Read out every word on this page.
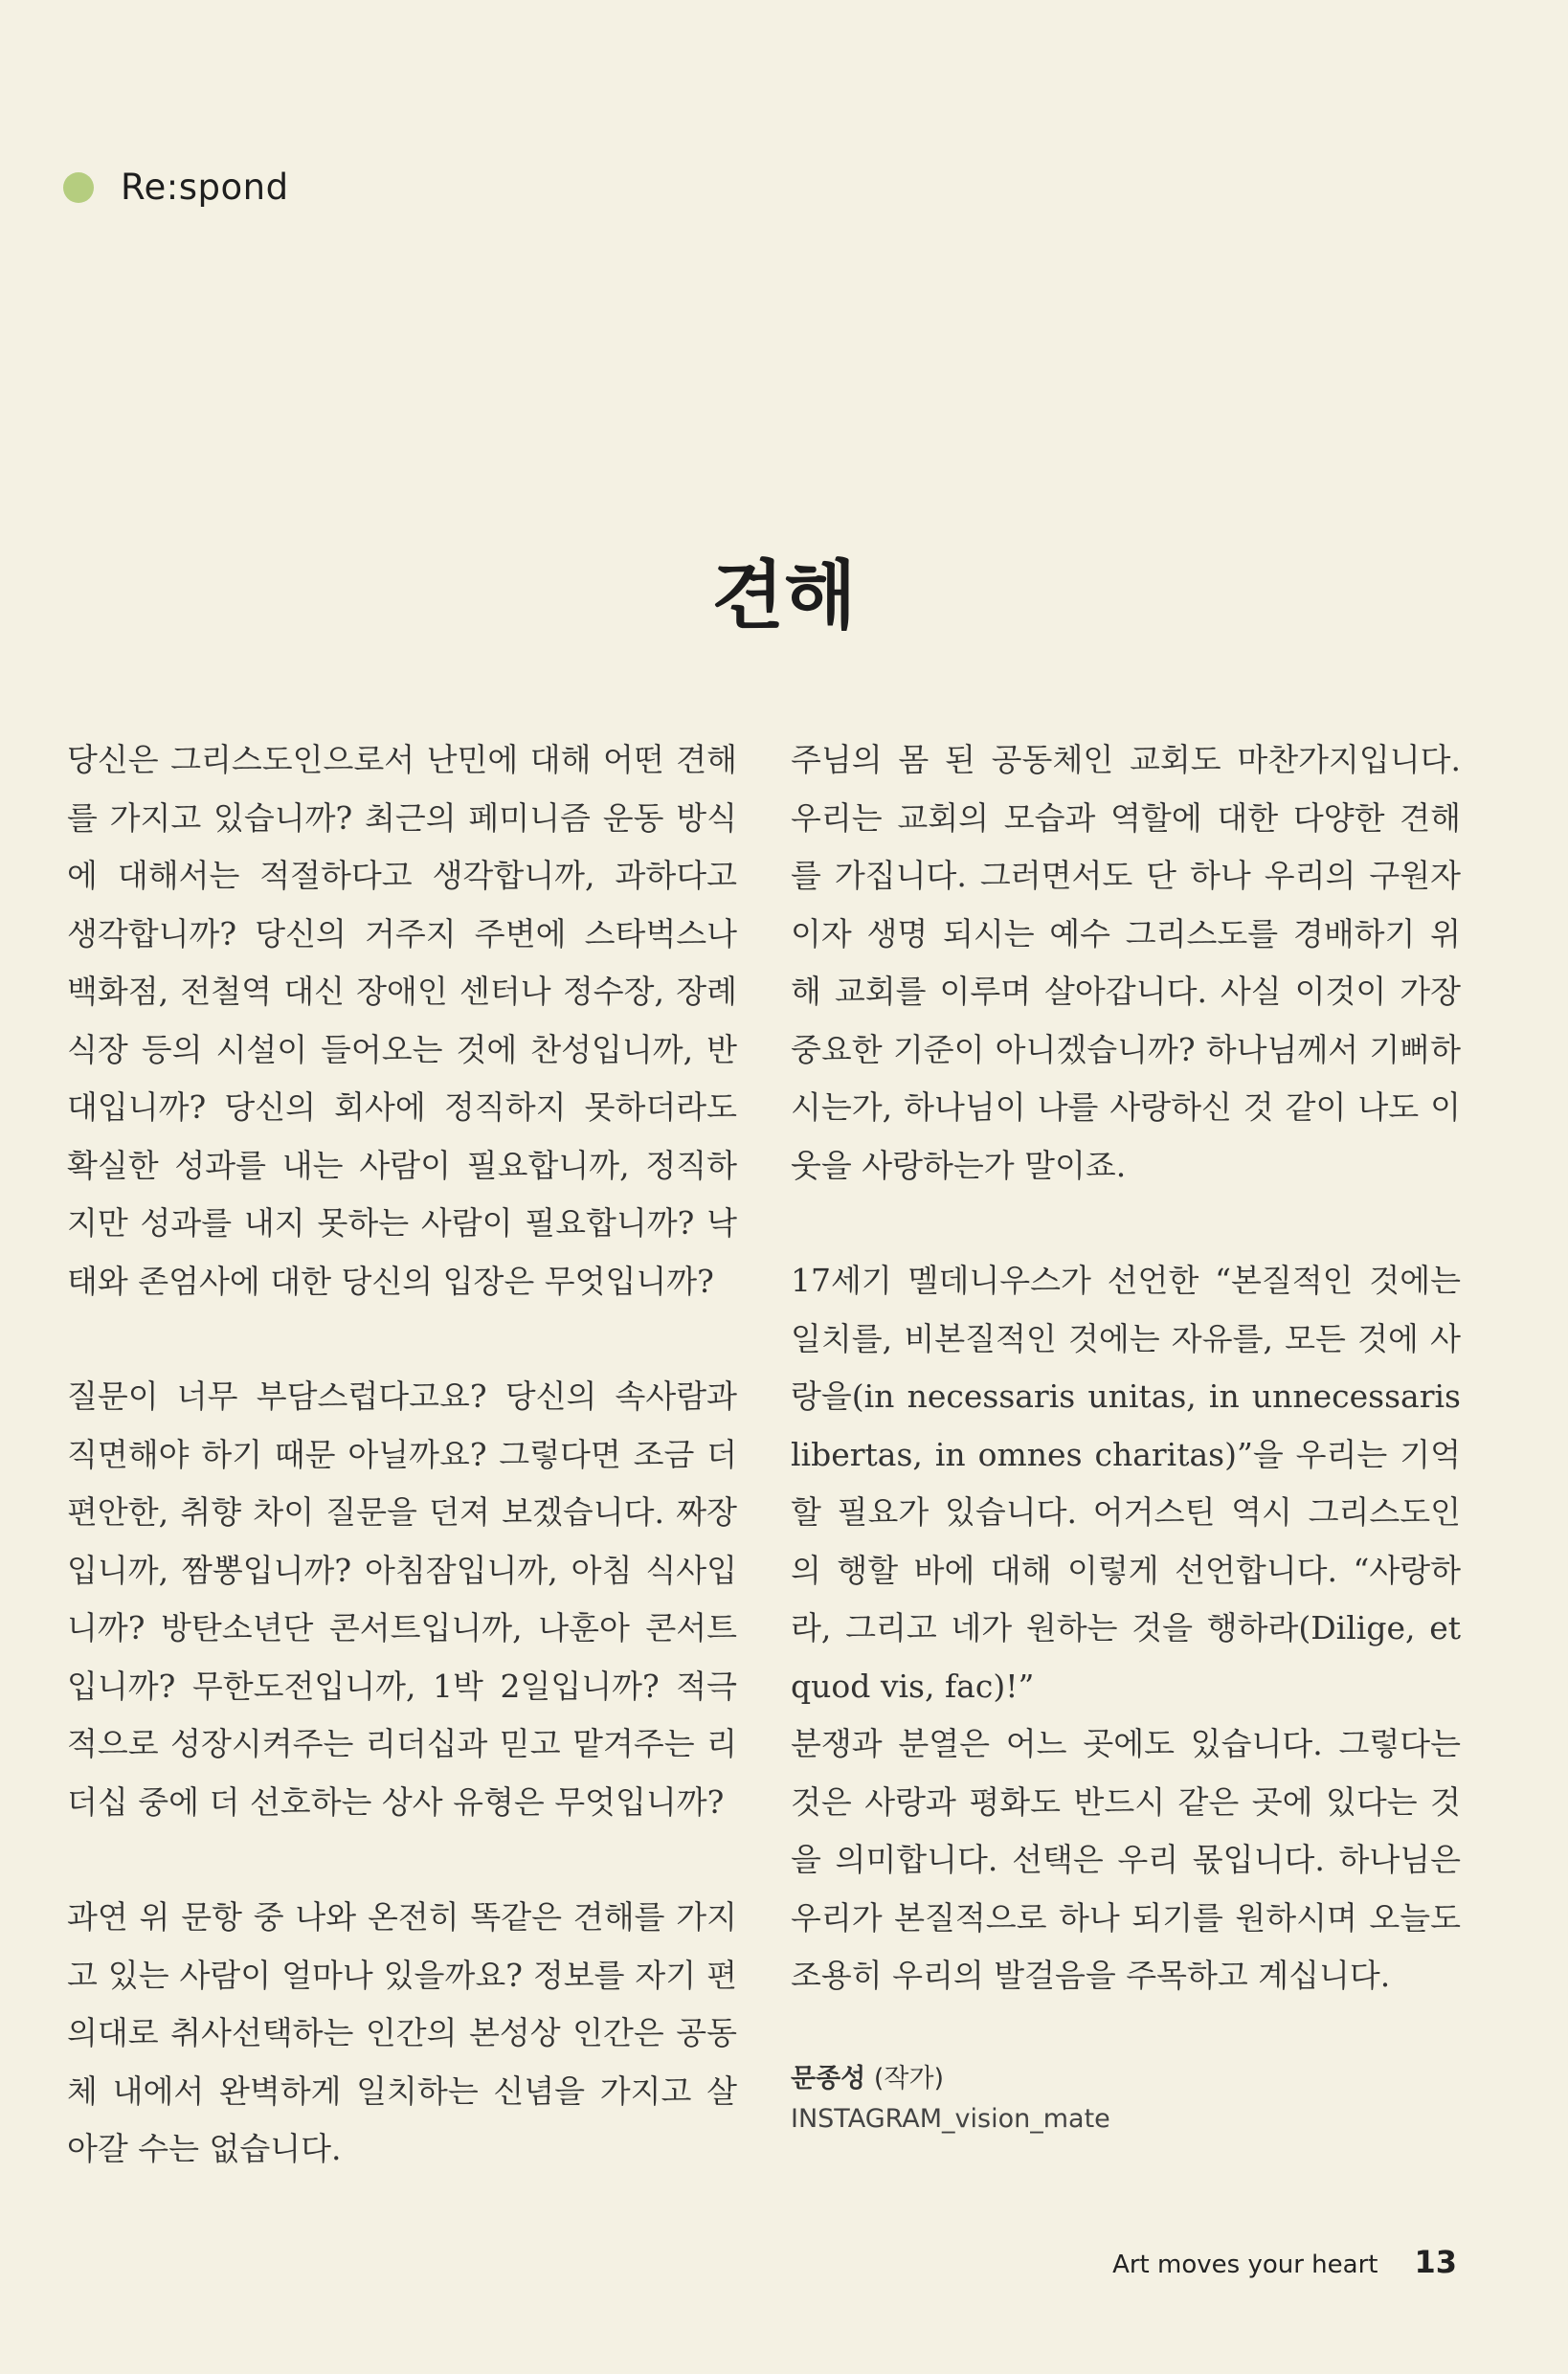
Re:spond
견해

당신은 그리스도인으로서 난민에 대해 어떤 견해를 가지고 있습니까? 최근의 페미니즘 운동 방식에 대해서는 적절하다고 생각합니까, 과하다고 생각합니까? 당신의 거주지 주변에 스타벅스나 백화점, 전철역 대신 장애인 센터나 정수장, 장례식장 등의 시설이 들어오는 것에 찬성입니까, 반대입니까? 당신의 회사에 정직하지 못하더라도 확실한 성과를 내는 사람이 필요합니까, 정직하지만 성과를 내지 못하는 사람이 필요합니까? 낙태와 존엄사에 대한 당신의 입장은 무엇입니까?

질문이 너무 부담스럽다고요? 당신의 속사람과 직면해야 하기 때문 아닐까요? 그렇다면 조금 더 편안한, 취향 차이 질문을 던져 보겠습니다. 짜장입니까, 짬뽕입니까? 아침잠입니까, 아침 식사입니까? 방탄소년단 콘서트입니까, 나훈아 콘서트입니까? 무한도전입니까, 1박 2일입니까? 적극적으로 성장시켜주는 리더십과 믿고 맡겨주는 리더십 중에 더 선호하는 상사 유형은 무엇입니까?

과연 위 문항 중 나와 온전히 똑같은 견해를 가지고 있는 사람이 얼마나 있을까요? 정보를 자기 편의대로 취사선택하는 인간의 본성상 인간은 공동체 내에서 완벽하게 일치하는 신념을 가지고 살아갈 수는 없습니다.

주님의 몸 된 공동체인 교회도 마찬가지입니다. 우리는 교회의 모습과 역할에 대한 다양한 견해를 가집니다. 그러면서도 단 하나 우리의 구원자이자 생명 되시는 예수 그리스도를 경배하기 위해 교회를 이루며 살아갑니다. 사실 이것이 가장 중요한 기준이 아니겠습니까? 하나님께서 기뻐하시는가, 하나님이 나를 사랑하신 것 같이 나도 이웃을 사랑하는가 말이죠.

17세기 멜데니우스가 선언한 “본질적인 것에는 일치를, 비본질적인 것에는 자유를, 모든 것에 사랑을(in necessaris unitas, in unnecessaris libertas, in omnes charitas)”을 우리는 기억할 필요가 있습니다. 어거스틴 역시 그리스도인의 행할 바에 대해 이렇게 선언합니다. “사랑하라, 그리고 네가 원하는 것을 행하라(Dilige, et quod vis, fac)!”

분쟁과 분열은 어느 곳에도 있습니다. 그렇다는 것은 사랑과 평화도 반드시 같은 곳에 있다는 것을 의미합니다. 선택은 우리 몫입니다. 하나님은 우리가 본질적으로 하나 되기를 원하시며 오늘도 조용히 우리의 발걸음을 주목하고 계십니다.

문종성 (작가)
INSTAGRAM_vision_mate
Art moves your heart 13
